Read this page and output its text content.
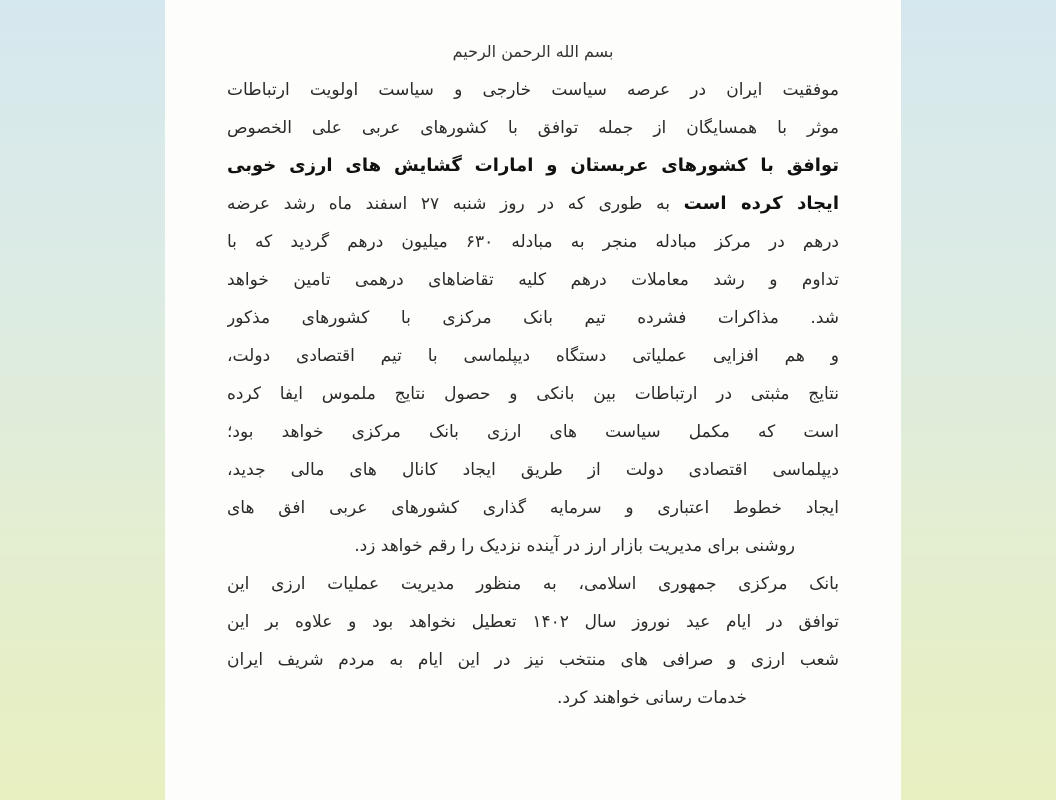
بسم الله الرحمن الرحیم
موفقیت ایران در عرصه سیاست خارجی و سیاست اولویت ارتباطات
موثر با همسایگان از جمله توافق با کشورهای عربی علی الخصوص
توافق با کشورهای عربستان و امارات گشایش های ارزی خوبی
ایجاد کرده است به طوری که در روز شنبه ۲۷ اسفند ماه رشد عرضه
درهم در مرکز مبادله منجر به مبادله ۶۳۰ میلیون درهم گردید که با
تداوم و رشد معاملات درهم کلیه تقاضاهای درهمی تامین خواهد
شد. مذاکرات فشرده تیم بانک مرکزی با کشورهای مذکور
و هم افزایی عملیاتی دستگاه دیپلماسی با تیم اقتصادی دولت،
نتایج مثبتی در ارتباطات بین بانکی و حصول نتایج ملموس ایفا کرده
است که مکمل سیاست های ارزی بانک مرکزی خواهد بود؛
دیپلماسی اقتصادی دولت از طریق ایجاد کانال های مالی جدید،
ایجاد خطوط اعتباری و سرمایه گذاری کشورهای عربی افق های
روشنی برای مدیریت بازار ارز در آینده نزدیک را رقم خواهد زد.
بانک مرکزی جمهوری اسلامی، به منظور مدیریت عملیات ارزی این
توافق در ایام عید نوروز سال ۱۴۰۲ تعطیل نخواهد بود و علاوه بر این
شعب ارزی و صرافی های منتخب نیز در این ایام به مردم شریف ایران
خدمات رسانی خواهند کرد.
